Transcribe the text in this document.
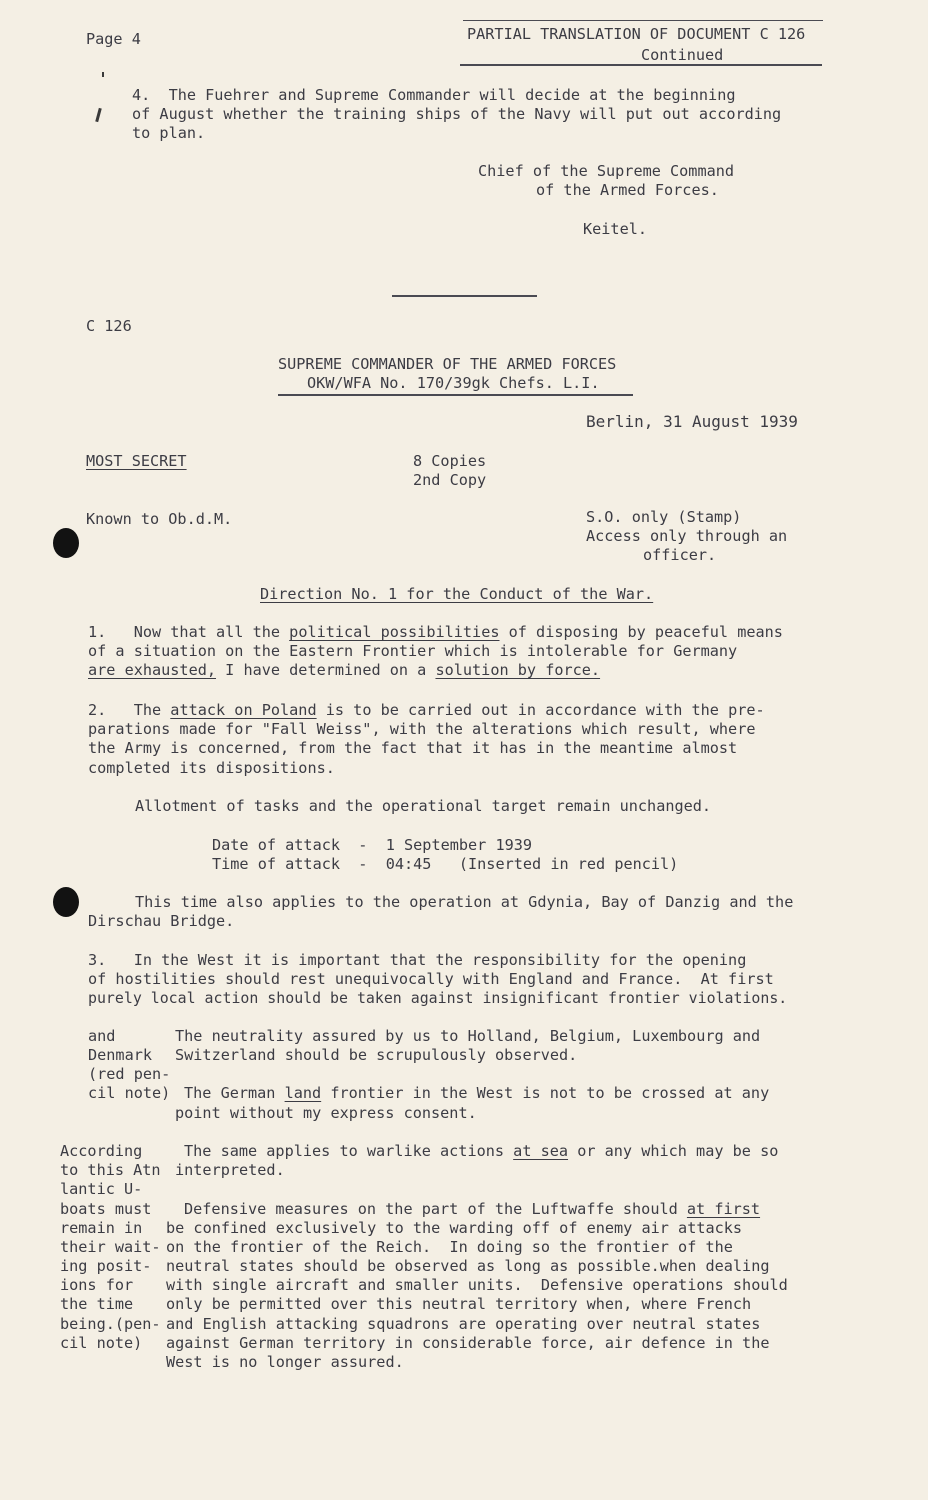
Page 4	PARTIAL TRANSLATION OF DOCUMENT C 126
Continued
4.  The Fuehrer and Supreme Commander will decide at the beginning
of August whether the training ships of the Navy will put out according
to plan.
Chief of the Supreme Command
of the Armed Forces.
Keitel.
C 126
SUPREME COMMANDER OF THE ARMED FORCES
OKW/WFA No. 170/39gk Chefs. L.I.
Berlin, 31 August 1939
MOST SECRET	8 Copies
2nd Copy
Known to Ob.d.M.	S.O. only (Stamp)
Access only through an
officer.
Direction No. 1 for the Conduct of the War.
1.   Now that all the political possibilities of disposing by peaceful means
of a situation on the Eastern Frontier which is intolerable for Germany
are exhausted, I have determined on a solution by force.
2.   The attack on Poland is to be carried out in accordance with the pre-
parations made for "Fall Weiss", with the alterations which result, where
the Army is concerned, from the fact that it has in the meantime almost
completed its dispositions.
Allotment of tasks and the operational target remain unchanged.
Date of attack  -  1 September 1939
Time of attack  -  04:45   (Inserted in red pencil)
This time also applies to the operation at Gdynia, Bay of Danzig and the
Dirschau Bridge.
3.   In the West it is important that the responsibility for the opening
of hostilities should rest unequivocally with England and France.  At first
purely local action should be taken against insignificant frontier violations.
and
Denmark
(red pen-
cil note)
The neutrality assured by us to Holland, Belgium, Luxembourg and
Switzerland should be scrupulously observed.
The German land frontier in the West is not to be crossed at any
point without my express consent.
According
to this Atn
lantic U-
boats must
remain in
their wait-
ing posit-
ions for
the time
being.(pen-
cil note)
The same applies to warlike actions at sea or any which may be so
interpreted.
Defensive measures on the part of the Luftwaffe should at first
be confined exclusively to the warding off of enemy air attacks
on the frontier of the Reich.  In doing so the frontier of the
neutral states should be observed as long as possible.when dealing
with single aircraft and smaller units.  Defensive operations should
only be permitted over this neutral territory when, where French
and English attacking squadrons are operating over neutral states
against German territory in considerable force, air defence in the
West is no longer assured.
